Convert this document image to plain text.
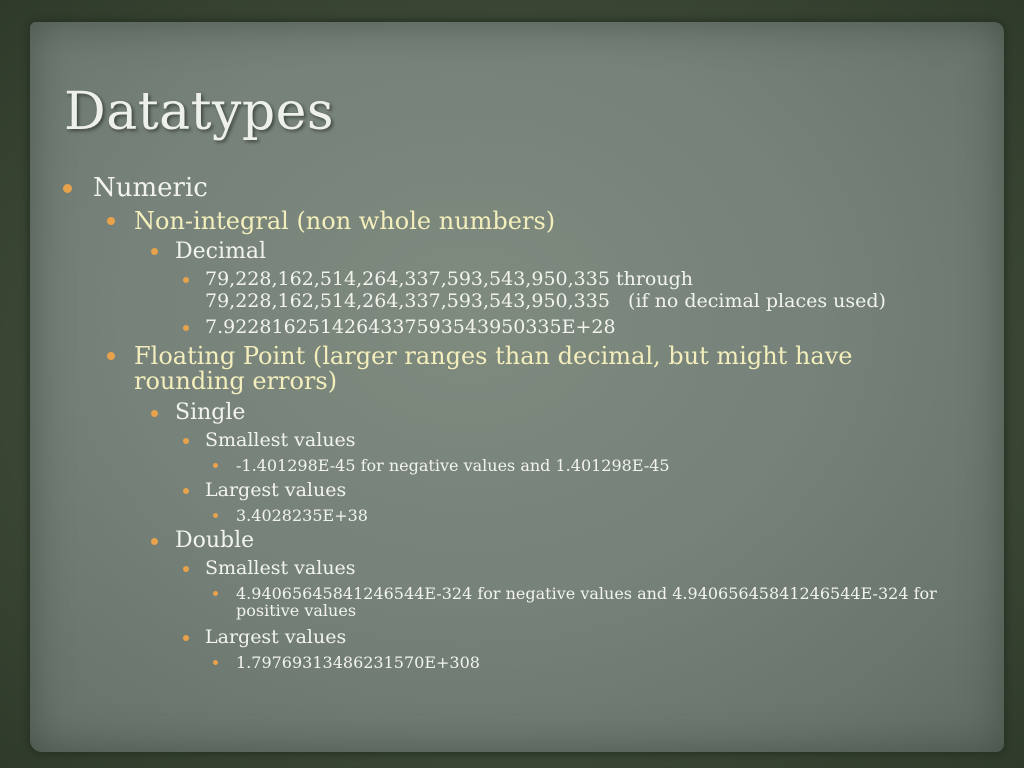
Datatypes
Numeric
Non-integral (non whole numbers)
Decimal
79,228,162,514,264,337,593,543,950,335 through
79,228,162,514,264,337,593,543,950,335   (if no decimal places used)
7.9228162514264337593543950335E+28
Floating Point (larger ranges than decimal, but might have rounding errors)
Single
Smallest values
-1.401298E-45 for negative values and 1.401298E-45
Largest values
3.4028235E+38
Double
Smallest values
4.94065645841246544E-324 for negative values and 4.94065645841246544E-324 for positive values
Largest values
1.79769313486231570E+308
